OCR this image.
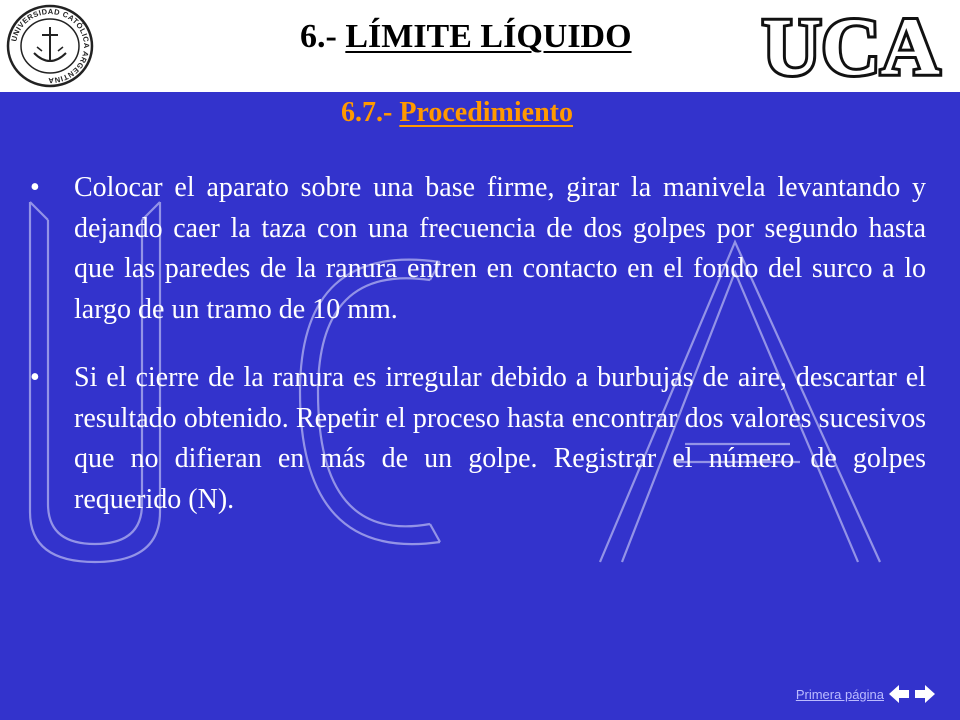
UNIVERSIDAD CATÓLICA ARGENTINA
6.- LÍMITE LÍQUIDO UCA
6.7.- Procedimiento
• Colocar el aparato sobre una base firme, girar la manivela levantando y dejando caer la taza con una frecuencia de dos golpes por segundo hasta que las paredes de la ranura entren en contacto en el fondo del surco a lo largo de un tramo de 10 mm.
• Si el cierre de la ranura es irregular debido a burbujas de aire, descartar el resultado obtenido. Repetir el proceso hasta encontrar dos valores sucesivos que no difieran en más de un golpe. Registrar el número de golpes requerido (N).
Primera página
